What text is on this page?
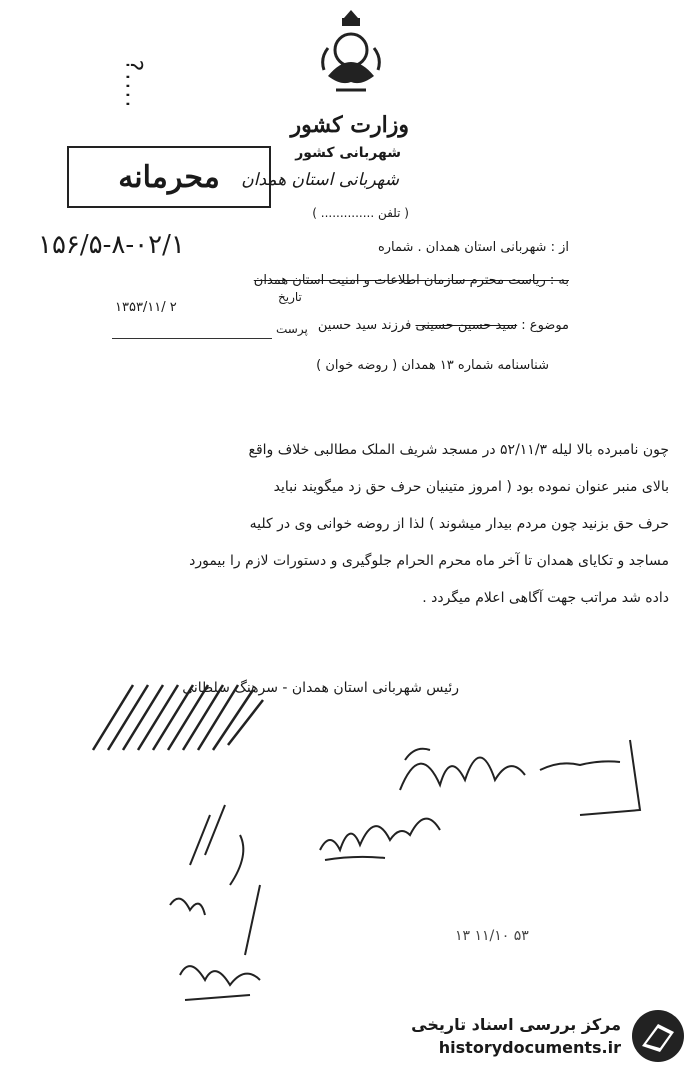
وزارت کشور
شهربانی کشور
شهربانی استان همدان
( تلفن .............. )
?....
محرمانه
۱۵۶/۵-۸-۰۲/۱	از : شهربانی استان همدان . شماره
به : ریاست محترم سازمان اطلاعات و امنیت استان همدان
تاریخ
۱۳۵۳/۱۱/ ۲
موضوع : سید حسین حسینی فرزند سید حسین
پرست
شناسنامه شماره ۱۳ همدان ( روضه خوان )

چون نامبرده بالا لیله ۵۲/۱۱/۳ در مسجد شریف الملک مطالبی خلاف واقع

بالای منبر عنوان نموده بود ( امروز متینیان حرف حق زد میگویند نباید

حرف حق بزنید چون مردم بیدار میشوند ) لذا از روضه خوانی وی در کلیه

مساجد و تکایای همدان تا آخر ماه محرم الحرام جلوگیری و دستورات لازم را بیمورد

داده شد مراتب جهت آگاهی اعلام میگردد .

رئیس شهربانی استان همدان - سرهنگ سلطانی
۱۳ ۱۱/۱۰ ۵۳
مرکز بررسی اسناد تاریخی
historydocuments.ir
